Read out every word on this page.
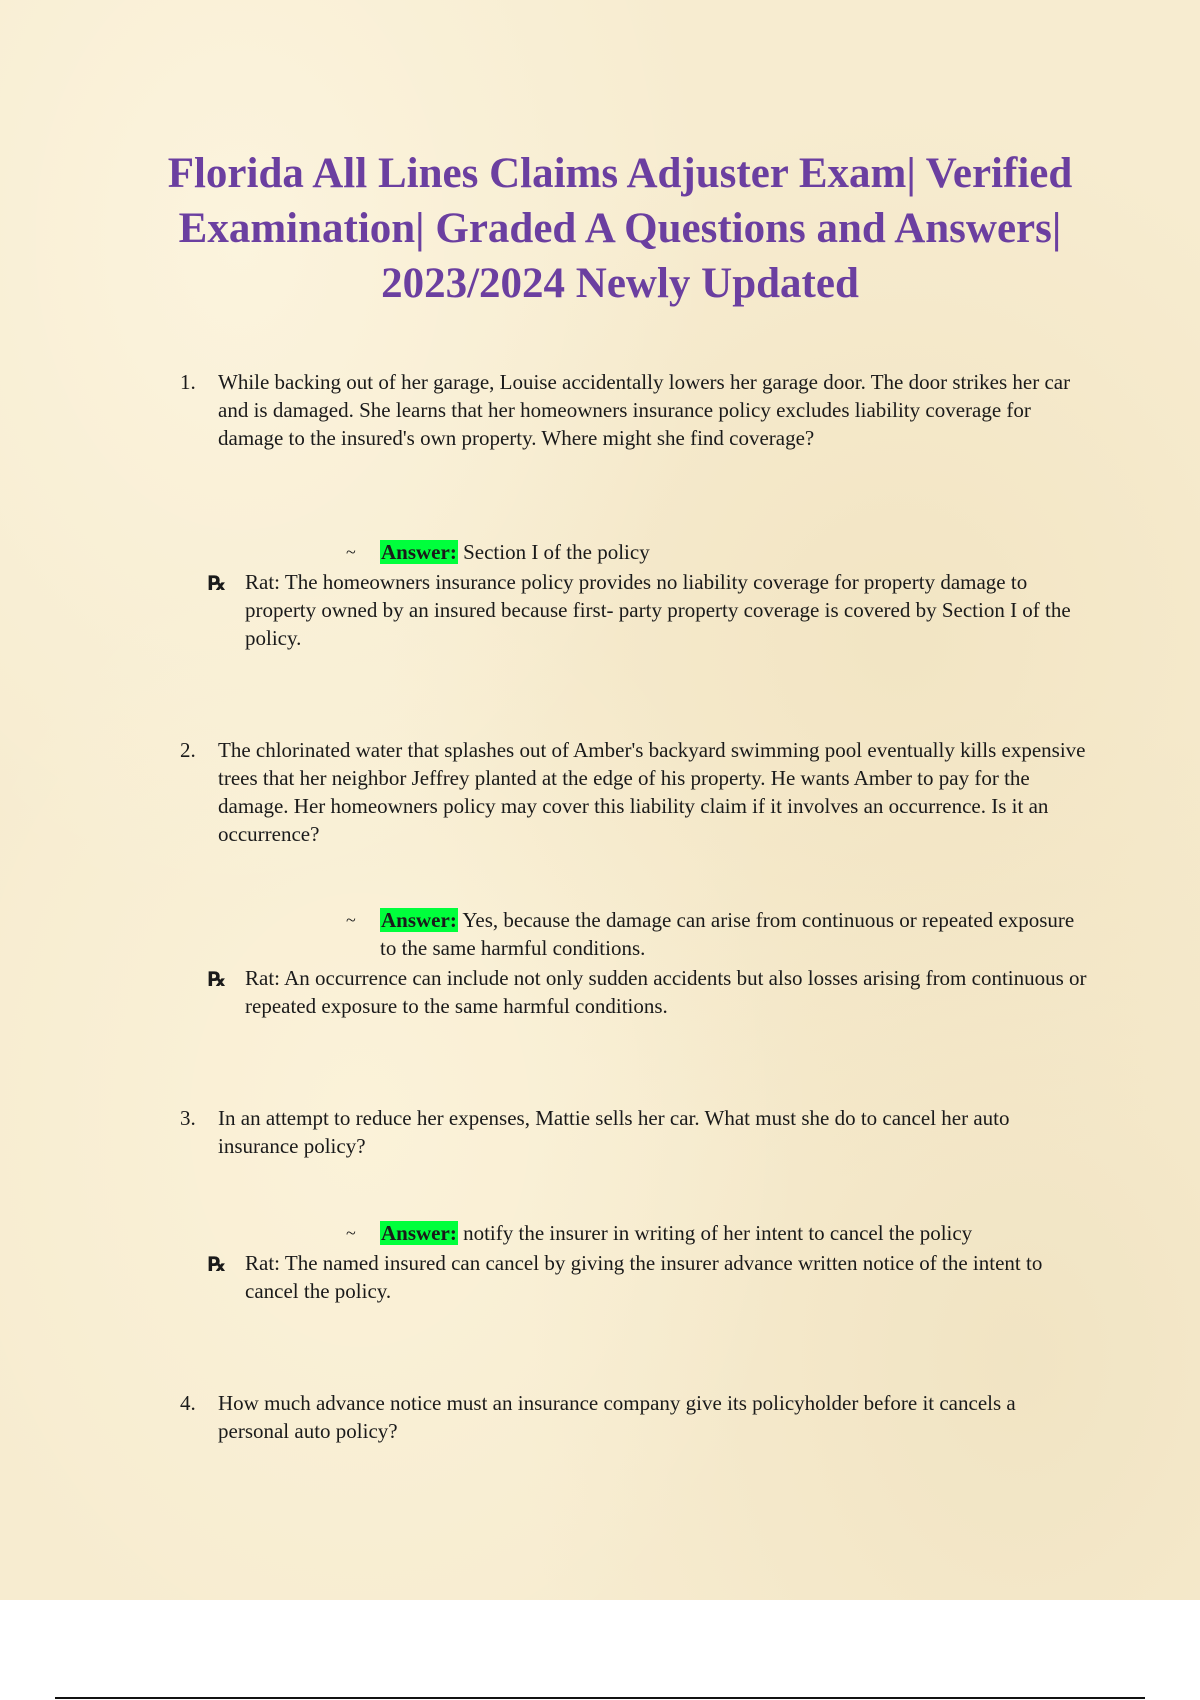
Florida All Lines Claims Adjuster Exam| Verified Examination| Graded A Questions and Answers| 2023/2024 Newly Updated
1.	While backing out of her garage, Louise accidentally lowers her garage door. The door strikes her car and is damaged. She learns that her homeowners insurance policy excludes liability coverage for damage to the insured's own property. Where might she find coverage?
~	Answer: Section I of the policy
℞ Rat: The homeowners insurance policy provides no liability coverage for property damage to property owned by an insured because first- party property coverage is covered by Section I of the policy.
2.	The chlorinated water that splashes out of Amber's backyard swimming pool eventually kills expensive trees that her neighbor Jeffrey planted at the edge of his property. He wants Amber to pay for the damage. Her homeowners policy may cover this liability claim if it involves an occurrence. Is it an occurrence?
~	Answer: Yes, because the damage can arise from continuous or repeated exposure to the same harmful conditions.
℞ Rat: An occurrence can include not only sudden accidents but also losses arising from continuous or repeated exposure to the same harmful conditions.
3.	In an attempt to reduce her expenses, Mattie sells her car. What must she do to cancel her auto insurance policy?
~	Answer: notify the insurer in writing of her intent to cancel the policy
℞ Rat: The named insured can cancel by giving the insurer advance written notice of the intent to cancel the policy.
4.	How much advance notice must an insurance company give its policyholder before it cancels a personal auto policy?
